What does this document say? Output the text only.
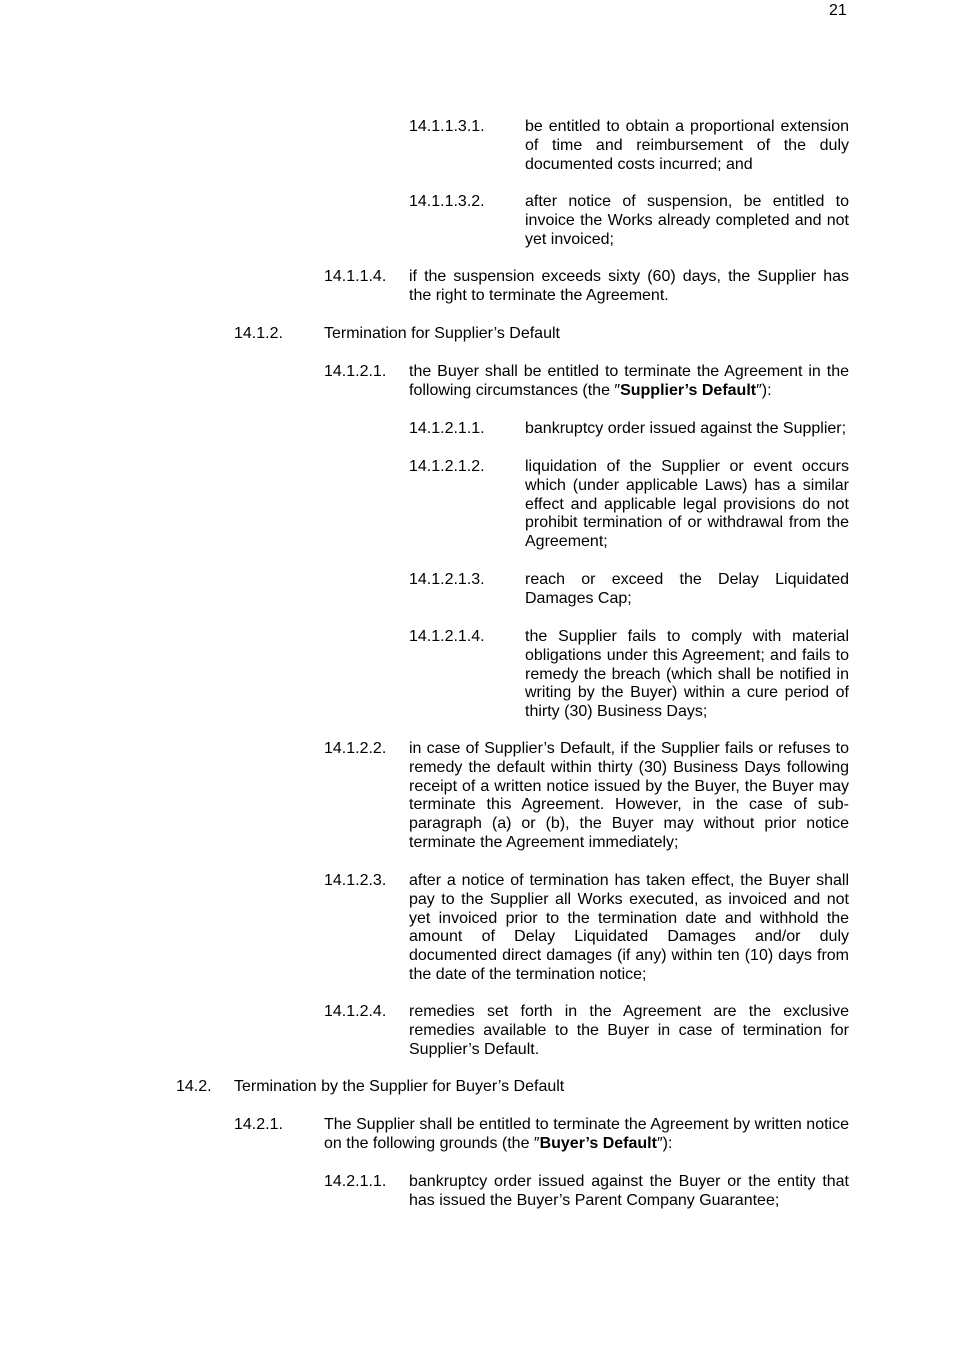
21
14.1.1.3.1.	be entitled to obtain a proportional extension of time and reimbursement of the duly documented costs incurred; and
14.1.1.3.2.	after notice of suspension, be entitled to invoice the Works already completed and not yet invoiced;
14.1.1.4. if the suspension exceeds sixty (60) days, the Supplier has the right to terminate the Agreement.
14.1.2.	Termination for Supplier’s Default
14.1.2.1. the Buyer shall be entitled to terminate the Agreement in the following circumstances (the ″Supplier’s Default″):
14.1.2.1.1.	bankruptcy order issued against the Supplier;
14.1.2.1.2.	liquidation of the Supplier or event occurs which (under applicable Laws) has a similar effect and applicable legal provisions do not prohibit termination of or withdrawal from the Agreement;
14.1.2.1.3.	reach or exceed the Delay Liquidated Damages Cap;
14.1.2.1.4.	the Supplier fails to comply with material obligations under this Agreement; and fails to remedy the breach (which shall be notified in writing by the Buyer) within a cure period of thirty (30) Business Days;
14.1.2.2. in case of Supplier’s Default, if the Supplier fails or refuses to remedy the default within thirty (30) Business Days following receipt of a written notice issued by the Buyer, the Buyer may terminate this Agreement. However, in the case of sub-paragraph (a) or (b), the Buyer may without prior notice terminate the Agreement immediately;
14.1.2.3. after a notice of termination has taken effect, the Buyer shall pay to the Supplier all Works executed, as invoiced and not yet invoiced prior to the termination date and withhold the amount of Delay Liquidated Damages and/or duly documented direct damages (if any) within ten (10) days from the date of the termination notice;
14.1.2.4. remedies set forth in the Agreement are the exclusive remedies available to the Buyer in case of termination for Supplier’s Default.
14.2. Termination by the Supplier for Buyer’s Default
14.2.1.	The Supplier shall be entitled to terminate the Agreement by written notice on the following grounds (the ″Buyer’s Default″):
14.2.1.1. bankruptcy order issued against the Buyer or the entity that has issued the Buyer’s Parent Company Guarantee;
